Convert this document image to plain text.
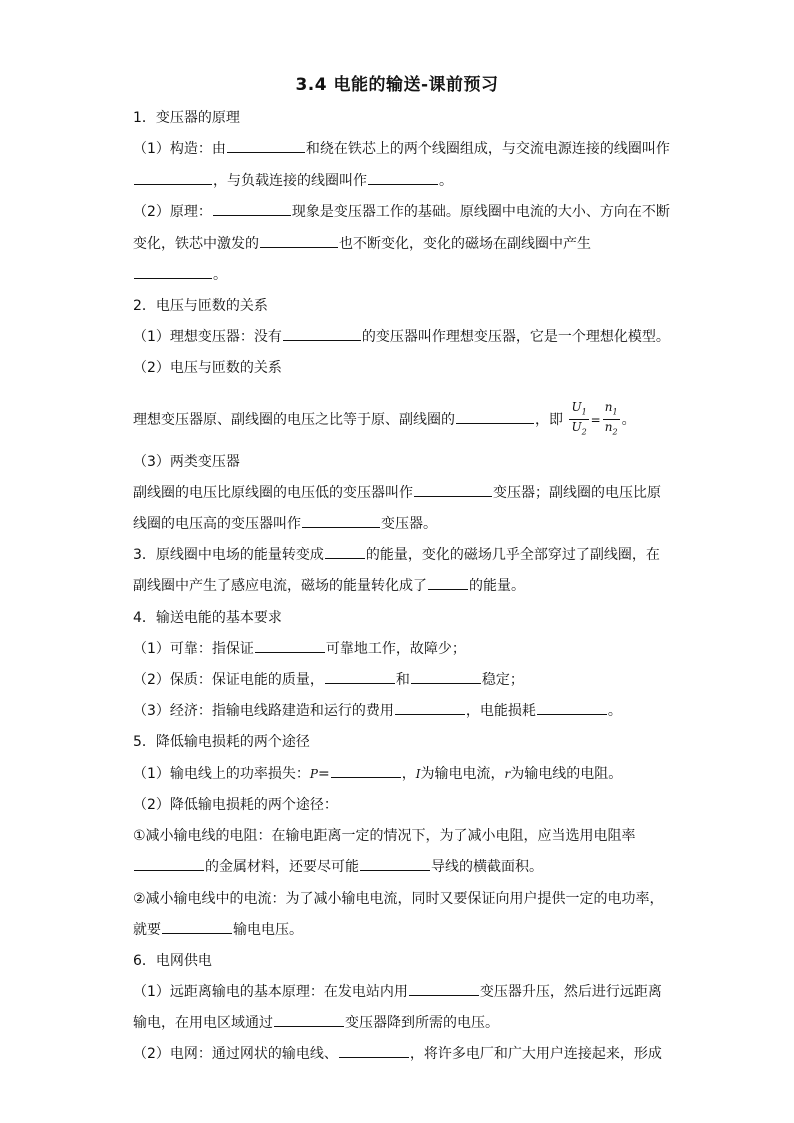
3.4 电能的输送-课前预习
1．变压器的原理
（1）构造：由	和绕在铁芯上的两个线圈组成，与交流电源连接的线圈叫作
，与负载连接的线圈叫作	。
（2）原理：	现象是变压器工作的基础。原线圈中电流的大小、方向在不断
变化，铁芯中激发的	也不断变化，变化的磁场在副线圈中产生
。
2．电压与匝数的关系
（1）理想变压器：没有	的变压器叫作理想变压器，它是一个理想化模型。
（2）电压与匝数的关系
理想变压器原、副线圈的电压之比等于原、副线圈的	，即 $\frac{U_1}{U_2} = \frac{n_1}{n_2}$ 。
（3）两类变压器
副线圈的电压比原线圈的电压低的变压器叫作	变压器；副线圈的电压比原
线圈的电压高的变压器叫作	变压器。
3．原线圈中电场的能量转变成	的能量，变化的磁场几乎全部穿过了副线圈，在
副线圈中产生了感应电流，磁场的能量转化成了	的能量。
4．输送电能的基本要求
（1）可靠：指保证	可靠地工作，故障少；
（2）保质：保证电能的质量，	和	稳定；
（3）经济：指输电线路建造和运行的费用	，电能损耗	。
5．降低输电损耗的两个途径
（1）输电线上的功率损失：P=	，I为输电电流，r为输电线的电阻。
（2）降低输电损耗的两个途径：
①减小输电线的电阻：在输电距离一定的情况下，为了减小电阻，应当选用电阻率
的金属材料，还要尽可能	导线的横截面积。
②减小输电线中的电流：为了减小输电电流，同时又要保证向用户提供一定的电功率，
就要	输电电压。
6．电网供电
（1）远距离输电的基本原理：在发电站内用	变压器升压，然后进行远距离
输电，在用电区域通过	变压器降到所需的电压。
（2）电网：通过网状的输电线、	，将许多电厂和广大用户连接起来，形成
